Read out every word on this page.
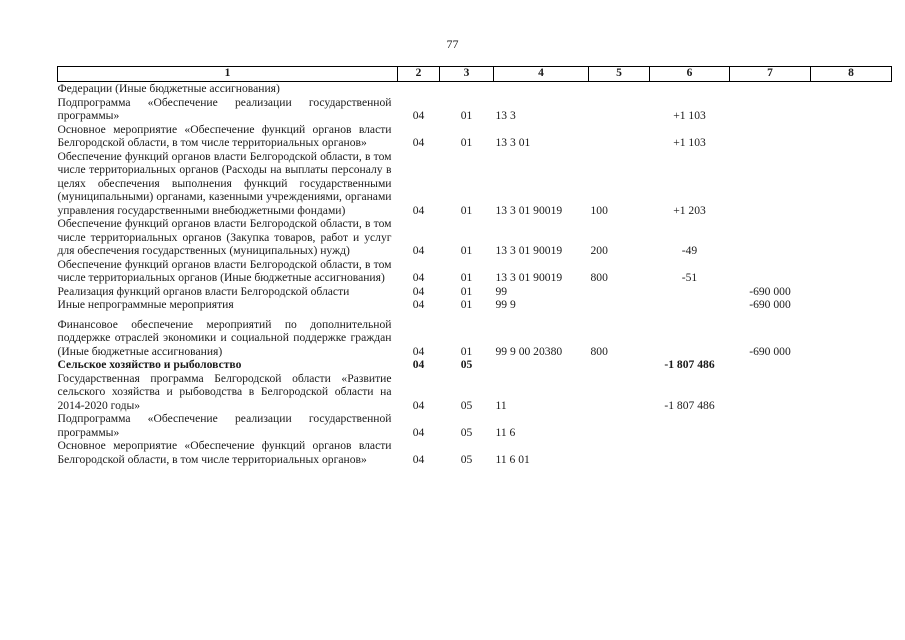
77
1	2	3	4	5	6	7	8
Федерации (Иные бюджетные ассигнования)							
Подпрограмма «Обеспечение реализации государственной программы»	04	01	13 3		+1 103		
Основное мероприятие «Обеспечение функций органов власти Белгородской области, в том числе территориальных органов»	04	01	13 3 01		+1 103		
Обеспечение функций органов власти Белгородской области, в том числе территориальных органов (Расходы на выплаты персоналу в целях обеспечения выполнения функций государственными (муниципальными) органами, казенными учреждениями, органами управления государственными внебюджетными фондами)	04	01	13 3 01 90019	100	+1 203		
Обеспечение функций органов власти Белгородской области, в том числе территориальных органов (Закупка товаров, работ и услуг для обеспечения государственных (муниципальных) нужд)	04	01	13 3 01 90019	200	-49		
Обеспечение функций органов власти Белгородской области, в том числе территориальных органов (Иные бюджетные ассигнования)	04	01	13 3 01 90019	800	-51		
Реализация функций органов власти Белгородской области	04	01	99			-690 000	
Иные непрограммные мероприятия	04	01	99 9			-690 000	
Финансовое обеспечение мероприятий по дополнительной поддержке отраслей экономики и социальной поддержке граждан (Иные бюджетные ассигнования)	04	01	99 9 00 20380	800		-690 000	
Сельское хозяйство и рыболовство	04	05			-1 807 486		
Государственная программа Белгородской области «Развитие сельского хозяйства и рыбоводства в Белгородской области на 2014-2020 годы»	04	05	11		-1 807 486		
Подпрограмма «Обеспечение реализации государственной программы»	04	05	11 6				
Основное мероприятие «Обеспечение функций органов власти Белгородской области, в том числе территориальных органов»	04	05	11 6 01				
